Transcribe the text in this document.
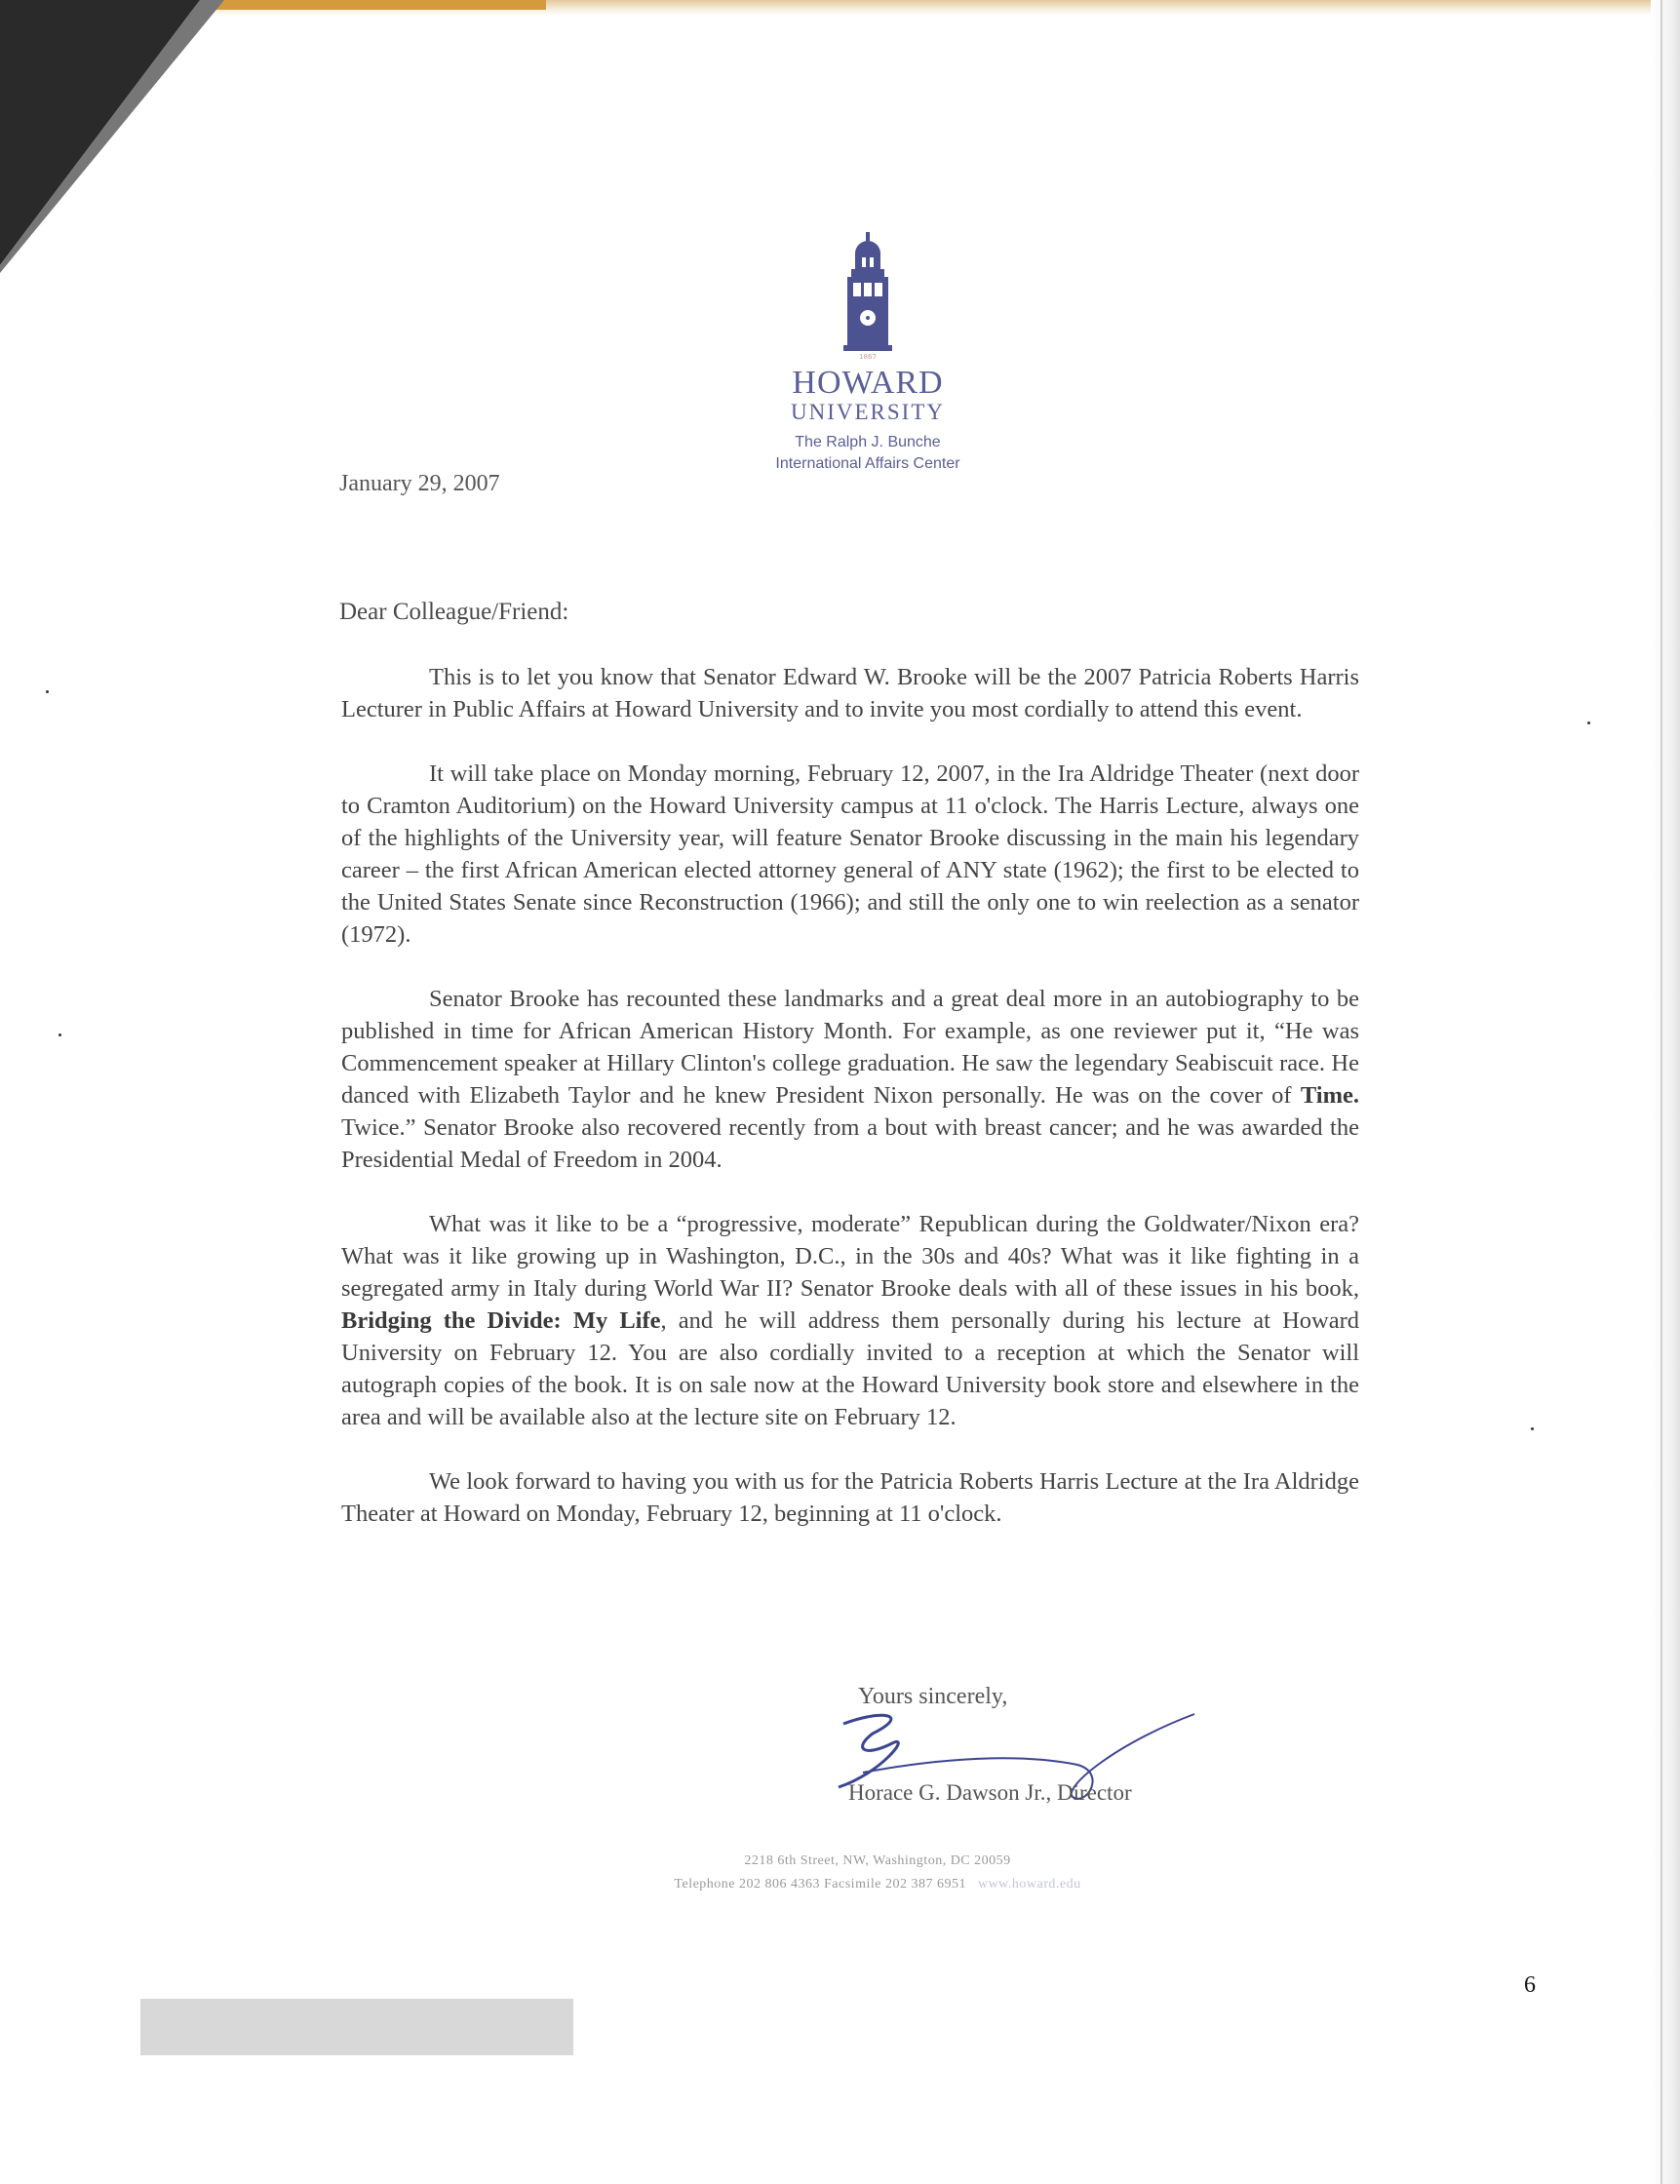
1867
HOWARD
UNIVERSITY
The Ralph J. Bunche
International Affairs Center
January 29, 2007
Dear Colleague/Friend:

This is to let you know that Senator Edward W. Brooke will be the 2007 Patricia Roberts Harris Lecturer in Public Affairs at Howard University and to invite you most cordially to attend this event.

It will take place on Monday morning, February 12, 2007, in the Ira Aldridge Theater (next door to Cramton Auditorium) on the Howard University campus at 11 o'clock. The Harris Lecture, always one of the highlights of the University year, will feature Senator Brooke discussing in the main his legendary career – the first African American elected attorney general of ANY state (1962); the first to be elected to the United States Senate since Reconstruction (1966); and still the only one to win reelection as a senator (1972).

Senator Brooke has recounted these landmarks and a great deal more in an autobiography to be published in time for African American History Month. For example, as one reviewer put it, “He was Commencement speaker at Hillary Clinton's college graduation. He saw the legendary Seabiscuit race. He danced with Elizabeth Taylor and he knew President Nixon personally. He was on the cover of Time. Twice.” Senator Brooke also recovered recently from a bout with breast cancer; and he was awarded the Presidential Medal of Freedom in 2004.

What was it like to be a “progressive, moderate” Republican during the Goldwater/Nixon era? What was it like growing up in Washington, D.C., in the 30s and 40s? What was it like fighting in a segregated army in Italy during World War II? Senator Brooke deals with all of these issues in his book, Bridging the Divide: My Life, and he will address them personally during his lecture at Howard University on February 12. You are also cordially invited to a reception at which the Senator will autograph copies of the book. It is on sale now at the Howard University book store and elsewhere in the area and will be available also at the lecture site on February 12.

We look forward to having you with us for the Patricia Roberts Harris Lecture at the Ira Aldridge Theater at Howard on Monday, February 12, beginning at 11 o'clock.

Yours sincerely,
Horace G. Dawson Jr., Director
2218 6th Street, NW, Washington, DC 20059
Telephone 202 806 4363 Facsimile 202 387 6951 www.howard.edu
6
